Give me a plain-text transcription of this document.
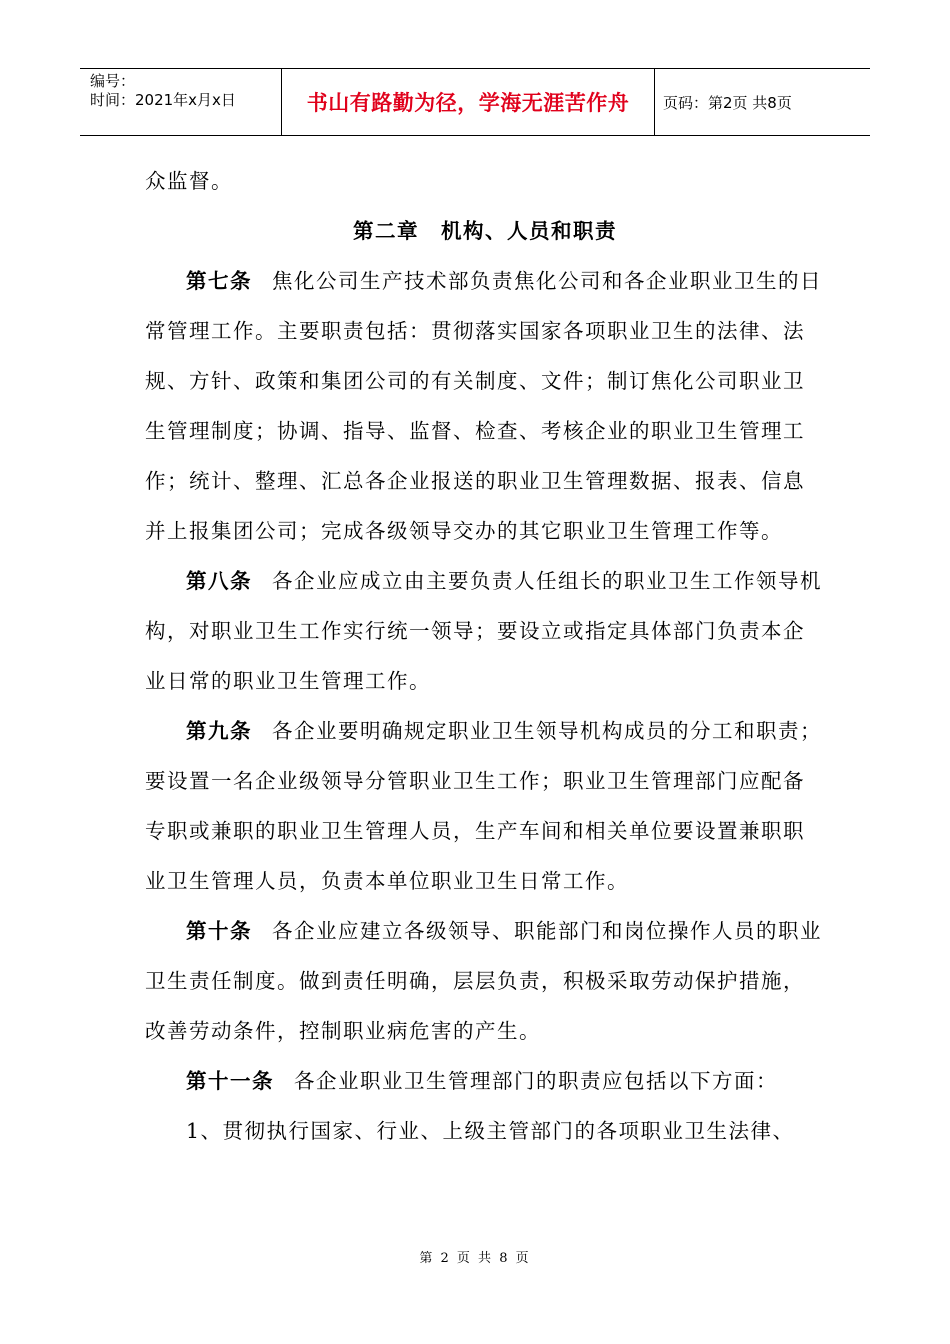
编号：
时间：2021年x月x日	书山有路勤为径，学海无涯苦作舟	页码：第2页 共8页

众监督。

第二章　机构、人员和职责

第七条 焦化公司生产技术部负责焦化公司和各企业职业卫生的日常管理工作。主要职责包括：贯彻落实国家各项职业卫生的法律、法规、方针、政策和集团公司的有关制度、文件；制订焦化公司职业卫生管理制度；协调、指导、监督、检查、考核企业的职业卫生管理工作；统计、整理、汇总各企业报送的职业卫生管理数据、报表、信息并上报集团公司；完成各级领导交办的其它职业卫生管理工作等。

第八条 各企业应成立由主要负责人任组长的职业卫生工作领导机构，对职业卫生工作实行统一领导；要设立或指定具体部门负责本企业日常的职业卫生管理工作。

第九条 各企业要明确规定职业卫生领导机构成员的分工和职责；要设置一名企业级领导分管职业卫生工作；职业卫生管理部门应配备专职或兼职的职业卫生管理人员，生产车间和相关单位要设置兼职职业卫生管理人员，负责本单位职业卫生日常工作。

第十条 各企业应建立各级领导、职能部门和岗位操作人员的职业卫生责任制度。做到责任明确，层层负责，积极采取劳动保护措施，改善劳动条件，控制职业病危害的产生。

第十一条 各企业职业卫生管理部门的职责应包括以下方面：

1、贯彻执行国家、行业、上级主管部门的各项职业卫生法律、

第 2 页 共 8 页
